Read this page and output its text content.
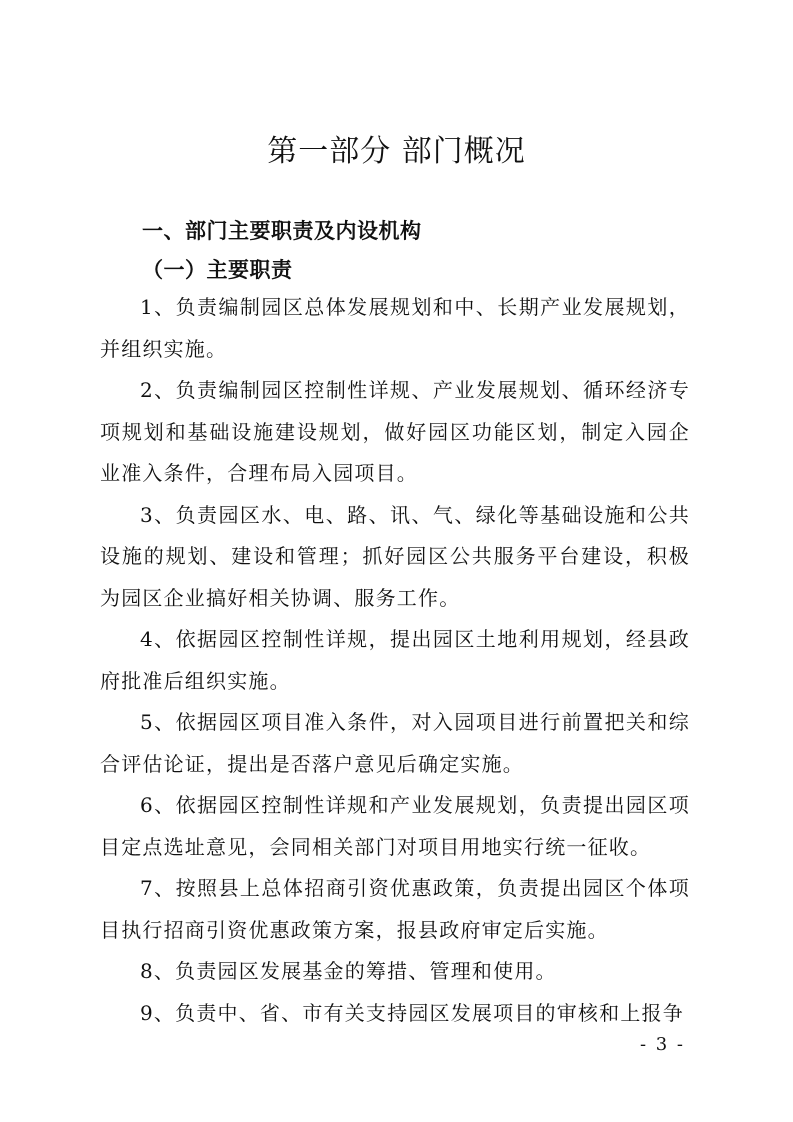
第一部分 部门概况
一、部门主要职责及内设机构
（一）主要职责

1、负责编制园区总体发展规划和中、长期产业发展规划，并组织实施。

2、负责编制园区控制性详规、产业发展规划、循环经济专项规划和基础设施建设规划，做好园区功能区划，制定入园企业准入条件，合理布局入园项目。

3、负责园区水、电、路、讯、气、绿化等基础设施和公共设施的规划、建设和管理；抓好园区公共服务平台建设，积极为园区企业搞好相关协调、服务工作。

4、依据园区控制性详规，提出园区土地利用规划，经县政府批准后组织实施。

5、依据园区项目准入条件，对入园项目进行前置把关和综合评估论证，提出是否落户意见后确定实施。

6、依据园区控制性详规和产业发展规划，负责提出园区项目定点选址意见，会同相关部门对项目用地实行统一征收。

7、按照县上总体招商引资优惠政策，负责提出园区个体项目执行招商引资优惠政策方案，报县政府审定后实施。

8、负责园区发展基金的筹措、管理和使用。

9、负责中、省、市有关支持园区发展项目的审核和上报争

- 3 -
